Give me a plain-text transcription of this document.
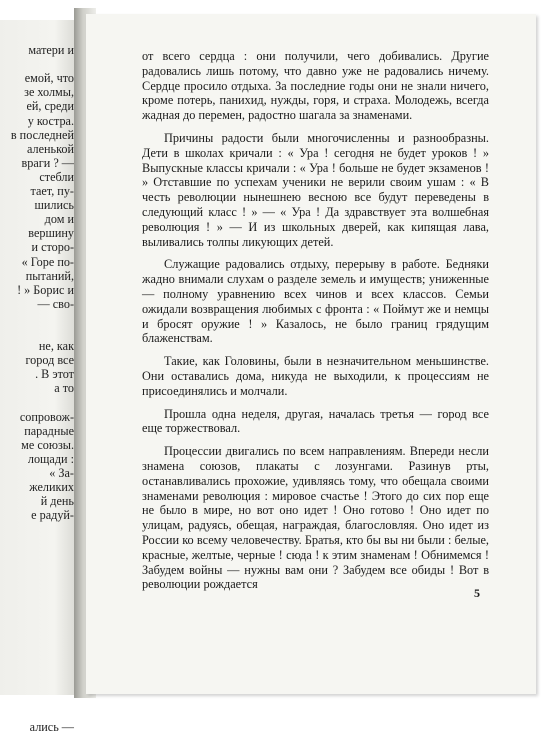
матери и
емой, что
зе холмы,
ей, среди
у костра.
в последней
аленькой
враги ? —
стебли
тает, пу-
шились
дом и
вершину
и сторо-
« Горе по-
пытаний,
! » Борис и
— сво-
не, как
город все
. В этот
а то
сопровож-
парадные
ме союзы.
лощади :
« За-
желиких
й день
е радуй-
ались —

от всего сердца : они получили, чего добивались. Другие радовались лишь потому, что давно уже не радовались ничему. Сердце просило отдыха. За последние годы они не знали ничего, кроме потерь, панихид, нужды, горя, и страха. Молодежь, всегда жадная до перемен, радостно шагала за знаменами.

Причины радости были многочисленны и разнообразны. Дети в школах кричали : « Ура ! сегодня не будет уроков ! » Выпускные классы кричали : « Ура ! больше не будет экзаменов ! » Отставшие по успехам ученики не верили своим ушам : « В честь революции нынешнею весною все будут переведены в следующий класс ! » — « Ура ! Да здравствует эта волшебная революция ! » — И из школьных дверей, как кипящая лава, выливались толпы ликующих детей.

Служащие радовались отдыху, перерыву в работе. Бедняки жадно внимали слухам о разделе земель и имуществ; униженные — полному уравнению всех чинов и всех классов. Семьи ожидали возвращения любимых с фронта : « Поймут же и немцы и бросят оружие ! » Казалось, не было границ грядущим блаженствам.

Такие, как Головины, были в незначительном меньшинстве. Они оставались дома, никуда не выходили, к процессиям не присоединялись и молчали.

Прошла одна неделя, другая, началась третья — город все еще торжествовал.

Процессии двигались по всем направлениям. Впереди несли знамена союзов, плакаты с лозунгами. Разинув рты, останавливались прохожие, удивляясь тому, что обещала своими знаменами революция : мировое счастье ! Этого до сих пор еще не было в мире, но вот оно идет ! Оно готово ! Оно идет по улицам, радуясь, обещая, награждая, благословляя. Оно идет из России ко всему человечеству. Братья, кто бы вы ни были : белые, красные, желтые, черные ! сюда ! к этим знаменам ! Обнимемся ! Забудем войны — нужны вам они ? Забудем все обиды ! Вот в революции рождается

5
